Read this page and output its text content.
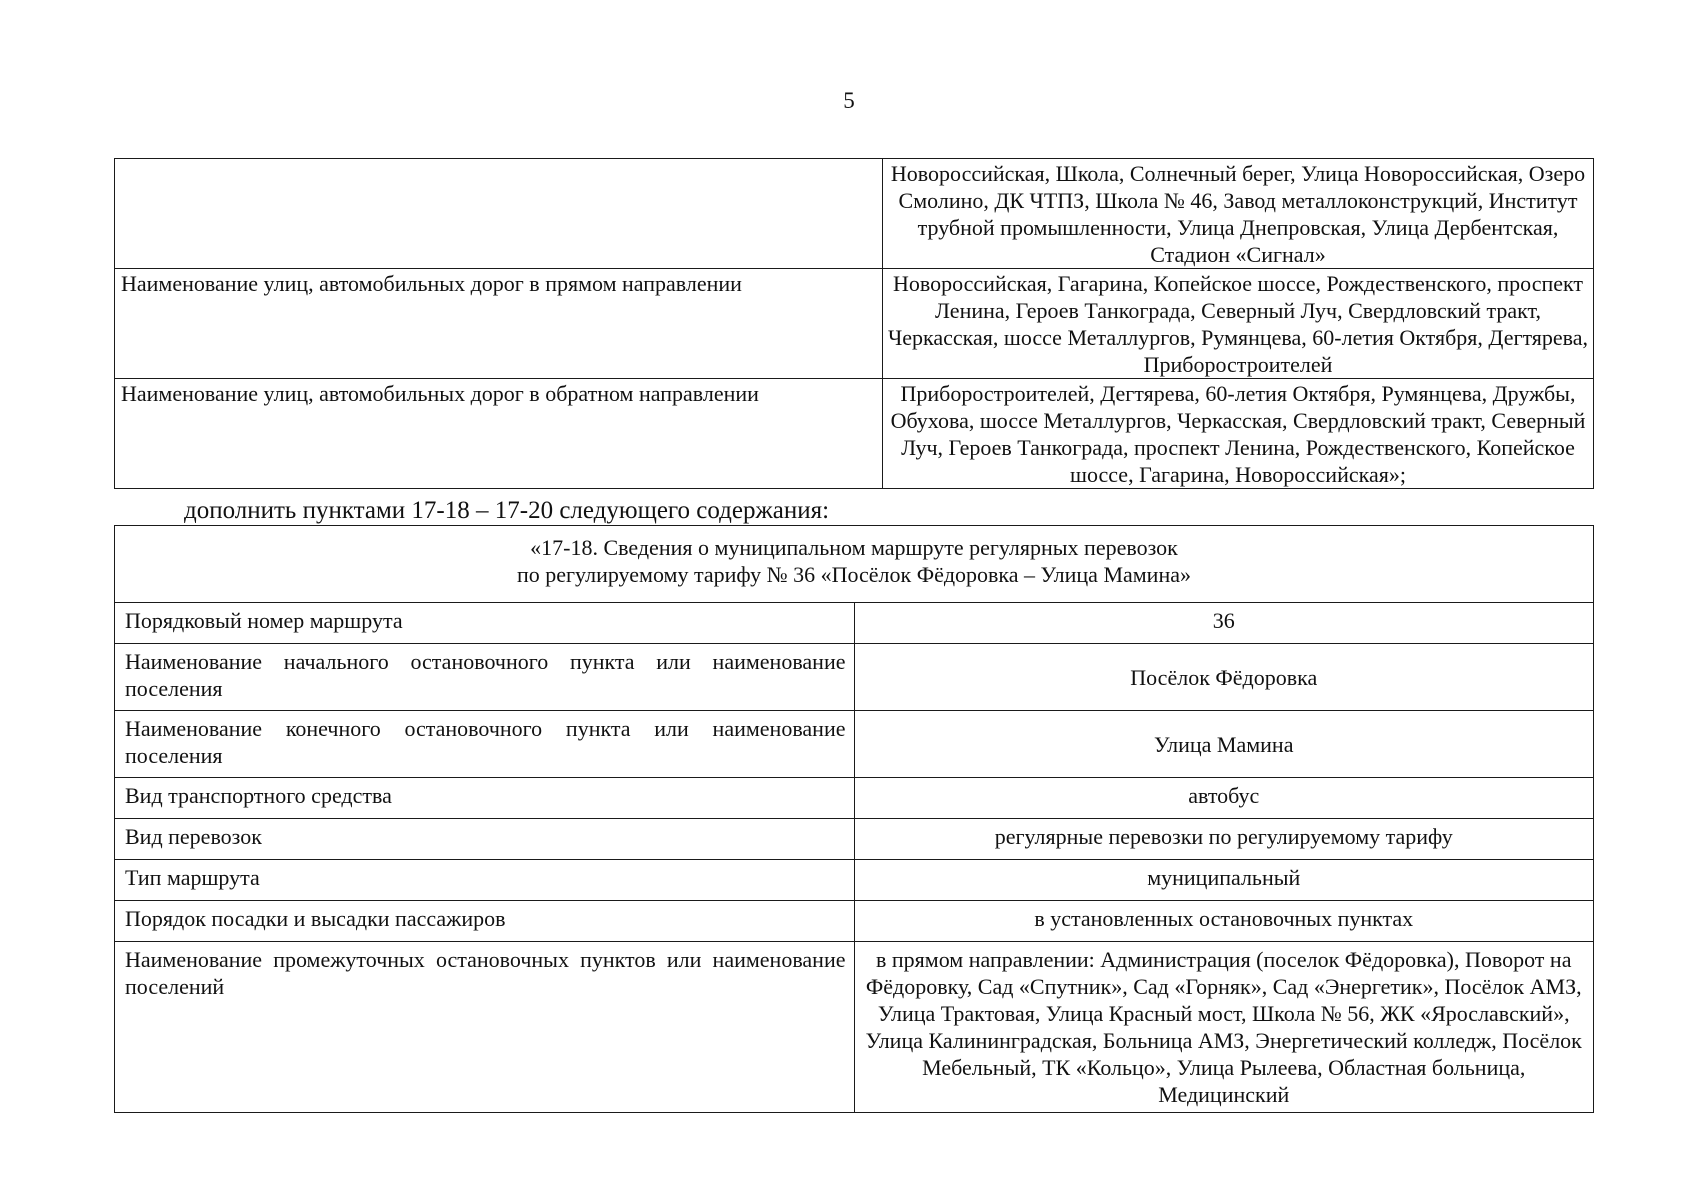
5
	Новороссийская, Школа, Солнечный берег, Улица Новороссийская, Озеро Смолино, ДК ЧТПЗ, Школа № 46, Завод металлоконструкций, Институт трубной промышленности, Улица Днепровская, Улица Дербентская, Стадион «Сигнал»
Наименование улиц, автомобильных дорог в прямом направлении	Новороссийская, Гагарина, Копейское шоссе, Рождественского, проспект Ленина, Героев Танкограда, Северный Луч, Свердловский тракт, Черкасская, шоссе Металлургов, Румянцева, 60-летия Октября, Дегтярева, Приборостроителей
Наименование улиц, автомобильных дорог в обратном направлении	Приборостроителей, Дегтярева, 60-летия Октября, Румянцева, Дружбы, Обухова, шоссе Металлургов, Черкасская, Свердловский тракт, Северный Луч, Героев Танкограда, проспект Ленина, Рождественского, Копейское шоссе, Гагарина, Новороссийская»;
дополнить пунктами 17-18 – 17-20 следующего содержания:
«17-18. Сведения о муниципальном маршруте регулярных перевозок
по регулируемому тарифу № 36 «Посёлок Фёдоровка – Улица Мамина»	

Порядковый номер маршрута	36
Наименование начального остановочного пункта или наименование поселения	Посёлок Фёдоровка
Наименование конечного остановочного пункта или наименование поселения	Улица Мамина
Вид транспортного средства	автобус
Вид перевозок	регулярные перевозки по регулируемому тарифу
Тип маршрута	муниципальный
Порядок посадки и высадки пассажиров	в установленных остановочных пунктах
Наименование промежуточных остановочных пунктов или наименование поселений	в прямом направлении: Администрация (поселок Фёдоровка), Поворот на Фёдоровку, Сад «Спутник», Сад «Горняк», Сад «Энергетик», Посёлок АМЗ, Улица Трактовая, Улица Красный мост, Школа № 56, ЖК «Ярославский», Улица Калининградская, Больница АМЗ, Энергетический колледж, Посёлок Мебельный, ТК «Кольцо», Улица Рылеева, Областная больница, Медицинский
